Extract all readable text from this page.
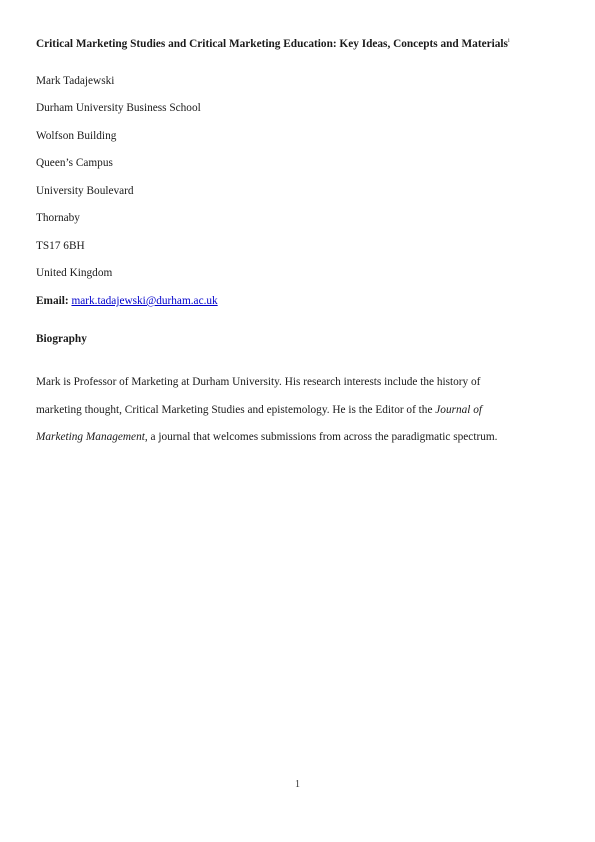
Critical Marketing Studies and Critical Marketing Education: Key Ideas, Concepts and Materials$^i$
Mark Tadajewski
Durham University Business School
Wolfson Building
Queen’s Campus
University Boulevard
Thornaby
TS17 6BH
United Kingdom
Email: mark.tadajewski@durham.ac.uk
Biography
Mark is Professor of Marketing at Durham University. His research interests include the history of
marketing thought, Critical Marketing Studies and epistemology. He is the Editor of the Journal of
Marketing Management, a journal that welcomes submissions from across the paradigmatic spectrum.
1
